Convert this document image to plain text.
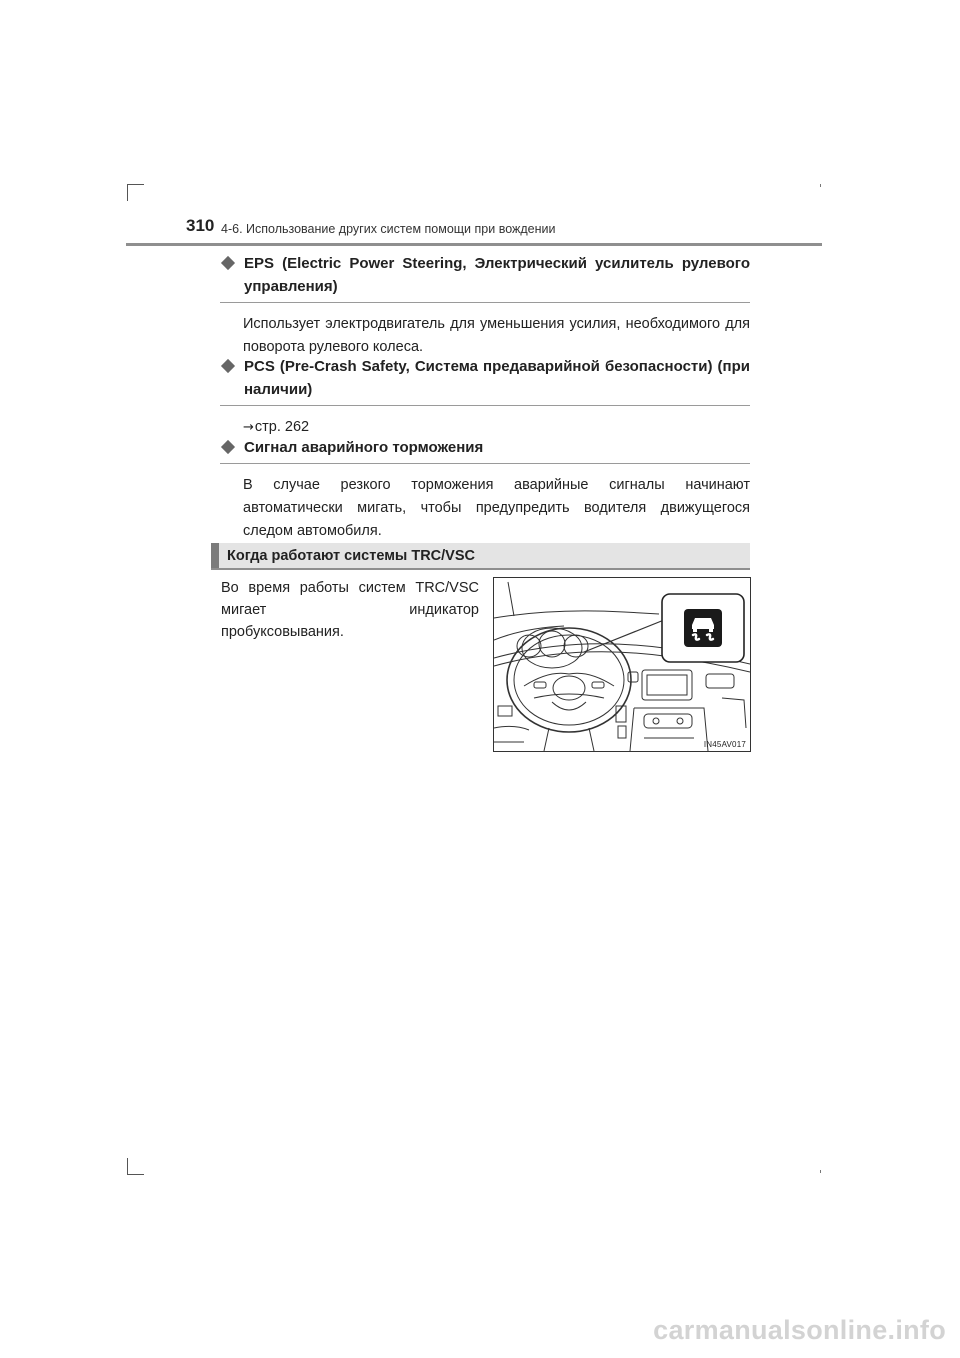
310 4-6. Использование других систем помощи при вождении
EPS (Electric Power Steering, Электрический усилитель рулевого управления)
Использует электродвигатель для уменьшения усилия, необходимого для поворота рулевого колеса.
PCS (Pre-Crash Safety, Система предаварийной безопасности) (при наличии)
→стр. 262
Сигнал аварийного торможения
В случае резкого торможения аварийные сигналы начинают автоматически мигать, чтобы предупредить водителя движущегося следом автомобиля.
Когда работают системы TRC/VSC
Во время работы систем TRC/VSC
мигает индикатор
пробуксовывания.
IN45AV017
carmanualsonline.info
